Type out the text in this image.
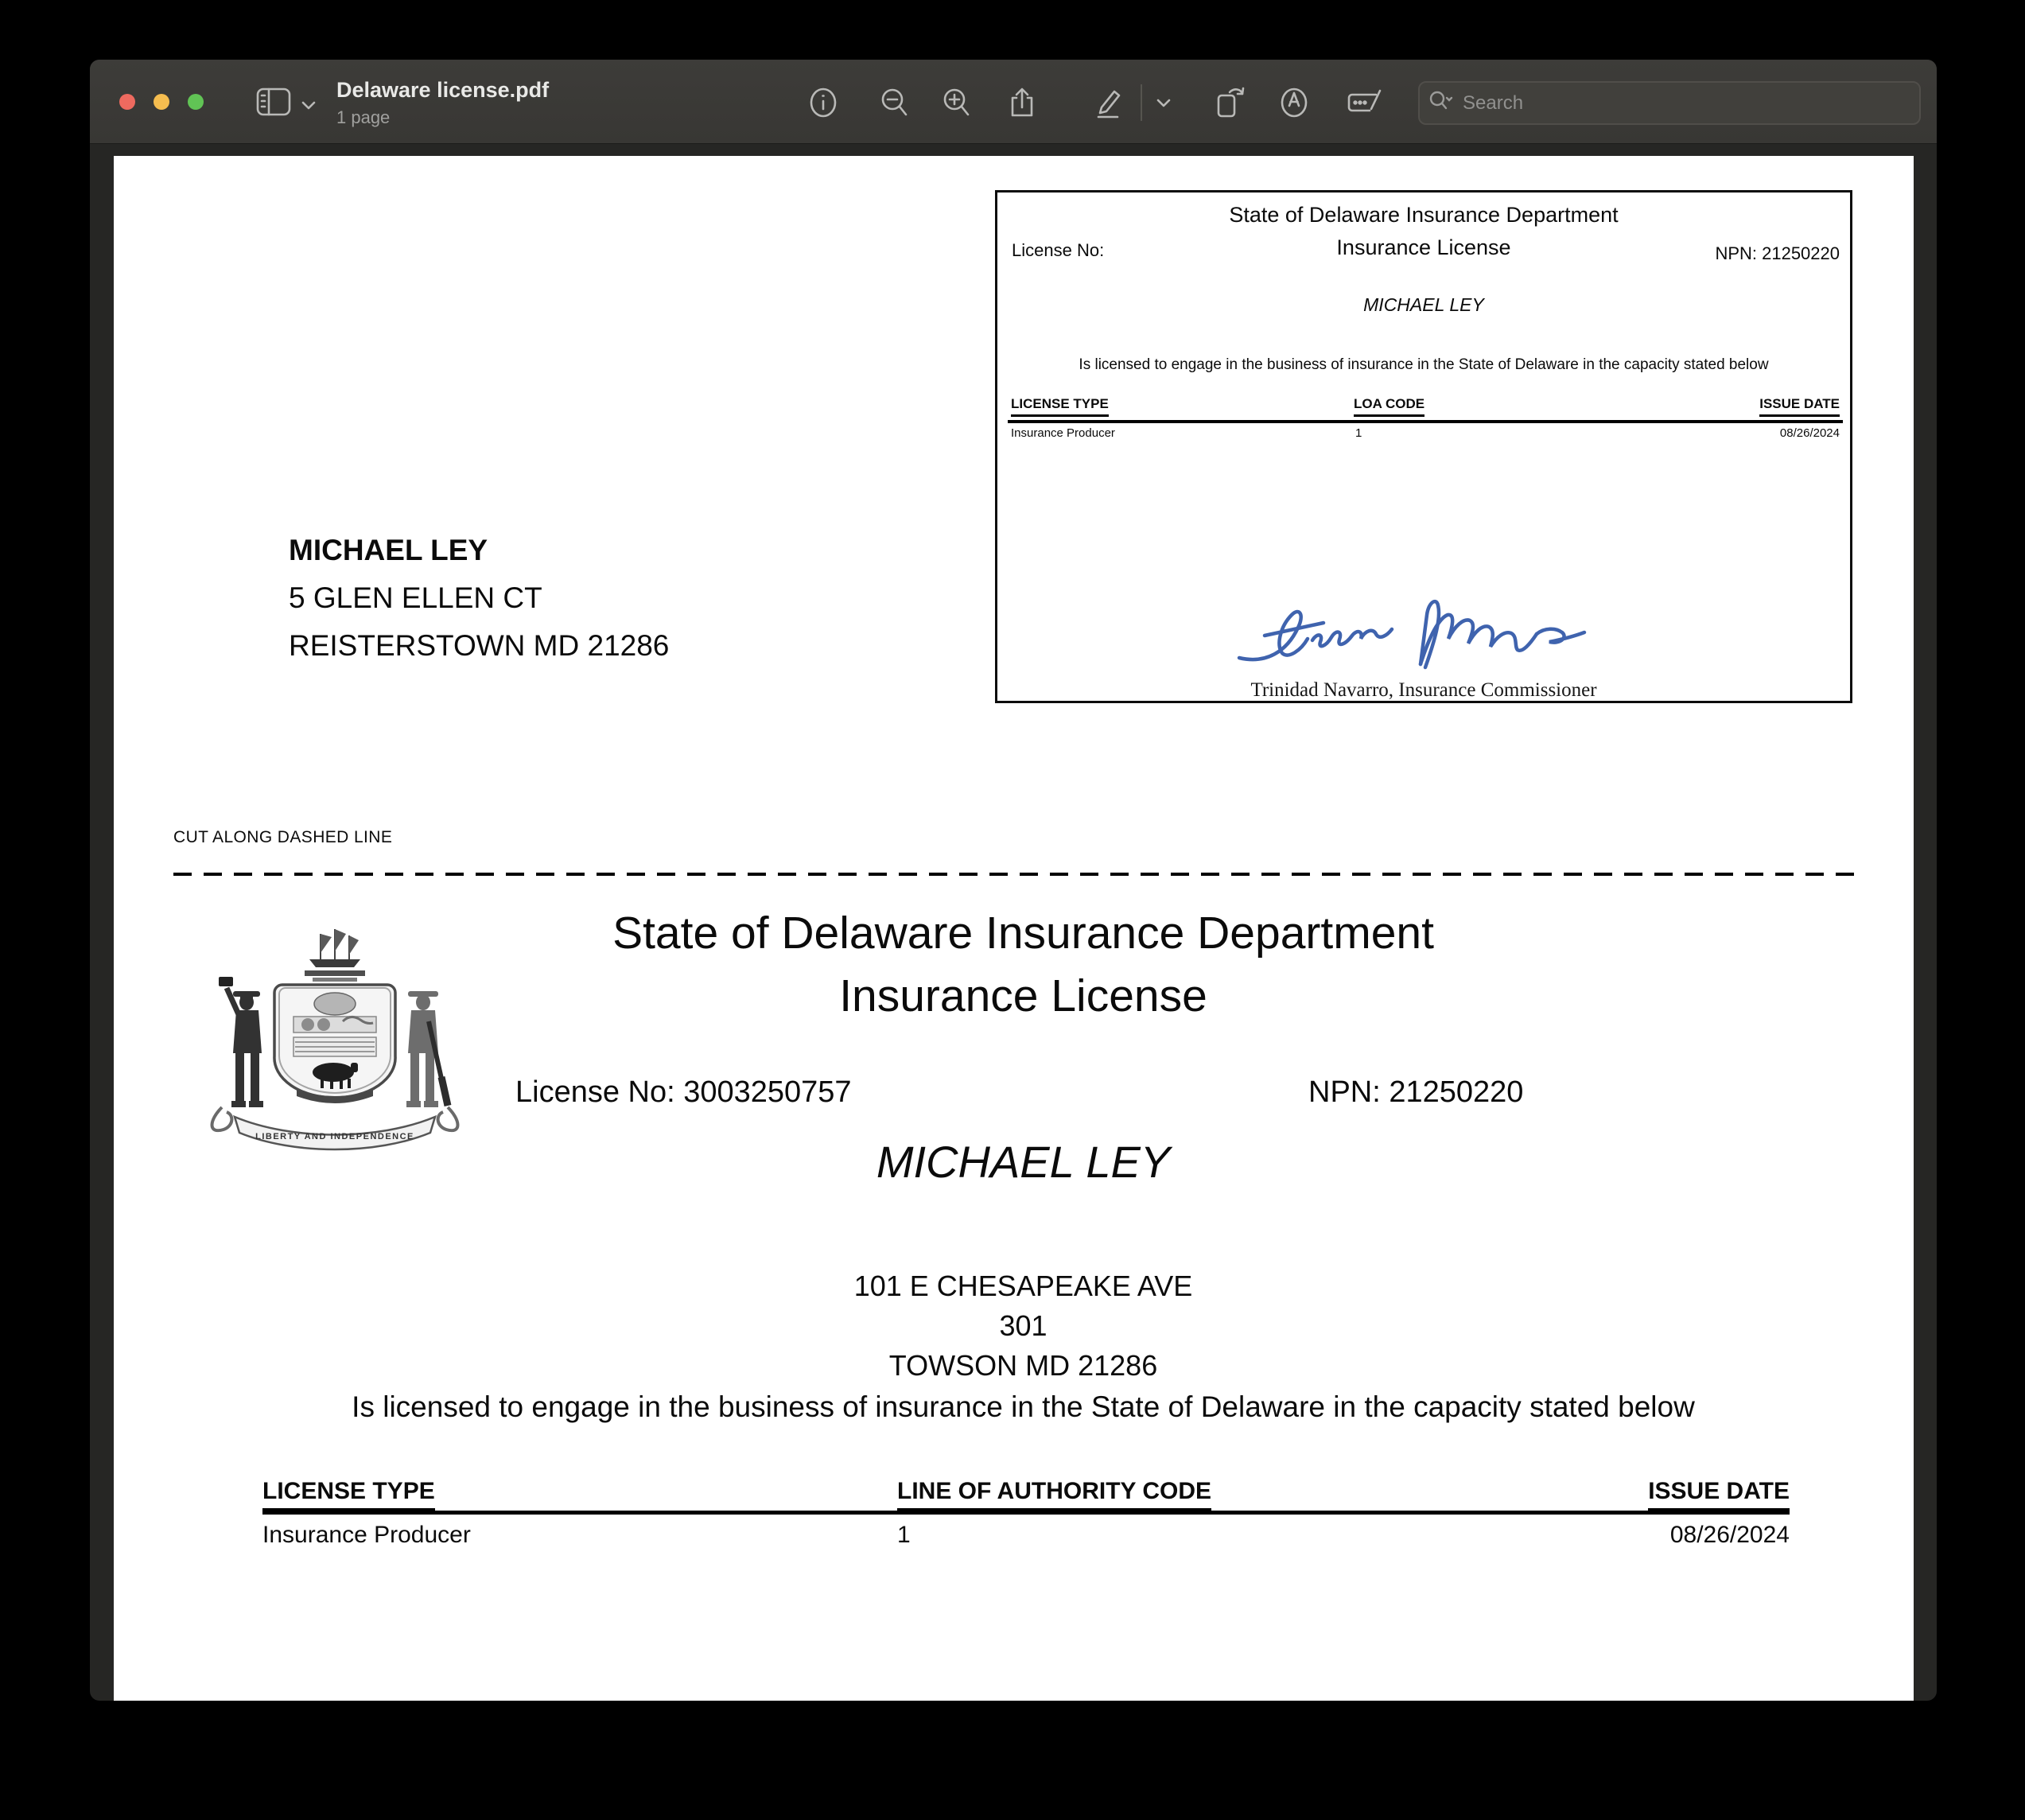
Delaware license.pdf
1 page
Search
State of Delaware Insurance Department
Insurance License
License No:	NPN: 21250220
MICHAEL LEY
Is licensed to engage in the business of insurance in the State of Delaware in the capacity stated below
LICENSE TYPE	LOA CODE	ISSUE DATE
Insurance Producer	1	08/26/2024
Trinidad Navarro, Insurance Commissioner
MICHAEL LEY
5 GLEN ELLEN CT
REISTERSTOWN MD 21286
CUT ALONG DASHED LINE
LIBERTY AND INDEPENDENCE
State of Delaware Insurance Department
Insurance License
License No: 3003250757	NPN: 21250220
MICHAEL LEY
101 E CHESAPEAKE AVE
301
TOWSON MD 21286
Is licensed to engage in the business of insurance in the State of Delaware in the capacity stated below
LICENSE TYPE	LINE OF AUTHORITY CODE	ISSUE DATE
Insurance Producer	1	08/26/2024
